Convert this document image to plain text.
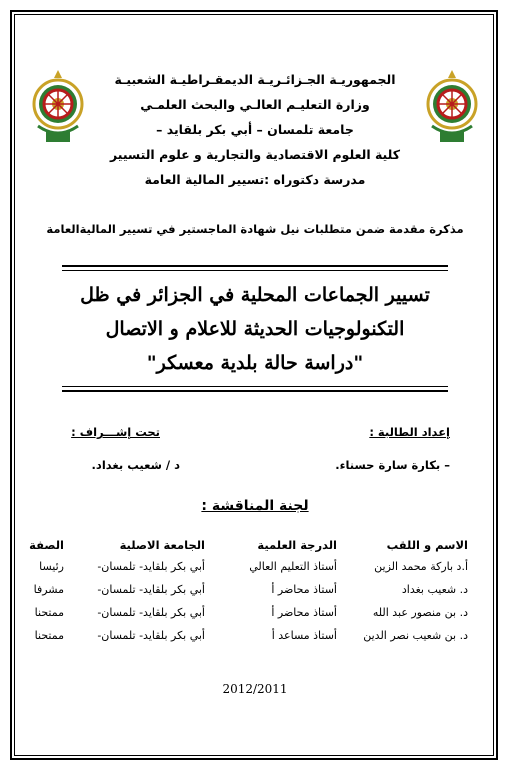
الجمهوريـة الجـزائـريـة الديمقـراطيـة الشعبيـة
وزارة التعليـم العالـي والبحث العلمـي
جامعة تلمسان – أبي بكر بلقايد –
كلية العلوم الاقتصادية والتجارية و علوم التسيير
مدرسة دكتوراه :تسيير المالية العامة
مذكرة مقدمة ضمن متطلبات نيل شهادة الماجستير في تسيير الماليةالعامة
تسيير الجماعات المحلية في الجزائر في ظل
التكنولوجيات الحديثة للاعلام و الاتصال
"دراسة حالة بلدية معسكر"
إعداد الطالبة :
– بكارة سارة حسناء.
تحت إشـــراف :
د / شعيب بغداد.
لجنة المناقشة :
الاسم و اللقب
الدرجة العلمية
الجامعة الاصلية
الصفة
أ.د باركة محمد الزين
أستاذ التعليم العالي
أبي بكر بلقايد- تلمسان-
رئيسا
د. شعيب بغداد
أستاذ محاضر أ
أبي بكر بلقايد- تلمسان-
مشرفا
د. بن منصور عبد الله
أستاذ محاضر أ
أبي بكر بلقايد- تلمسان-
ممتحنا
د. بن شعيب نصر الدين
أستاذ مساعد أ
أبي بكر بلقايد- تلمسان-
ممتحنا
2012/2011
